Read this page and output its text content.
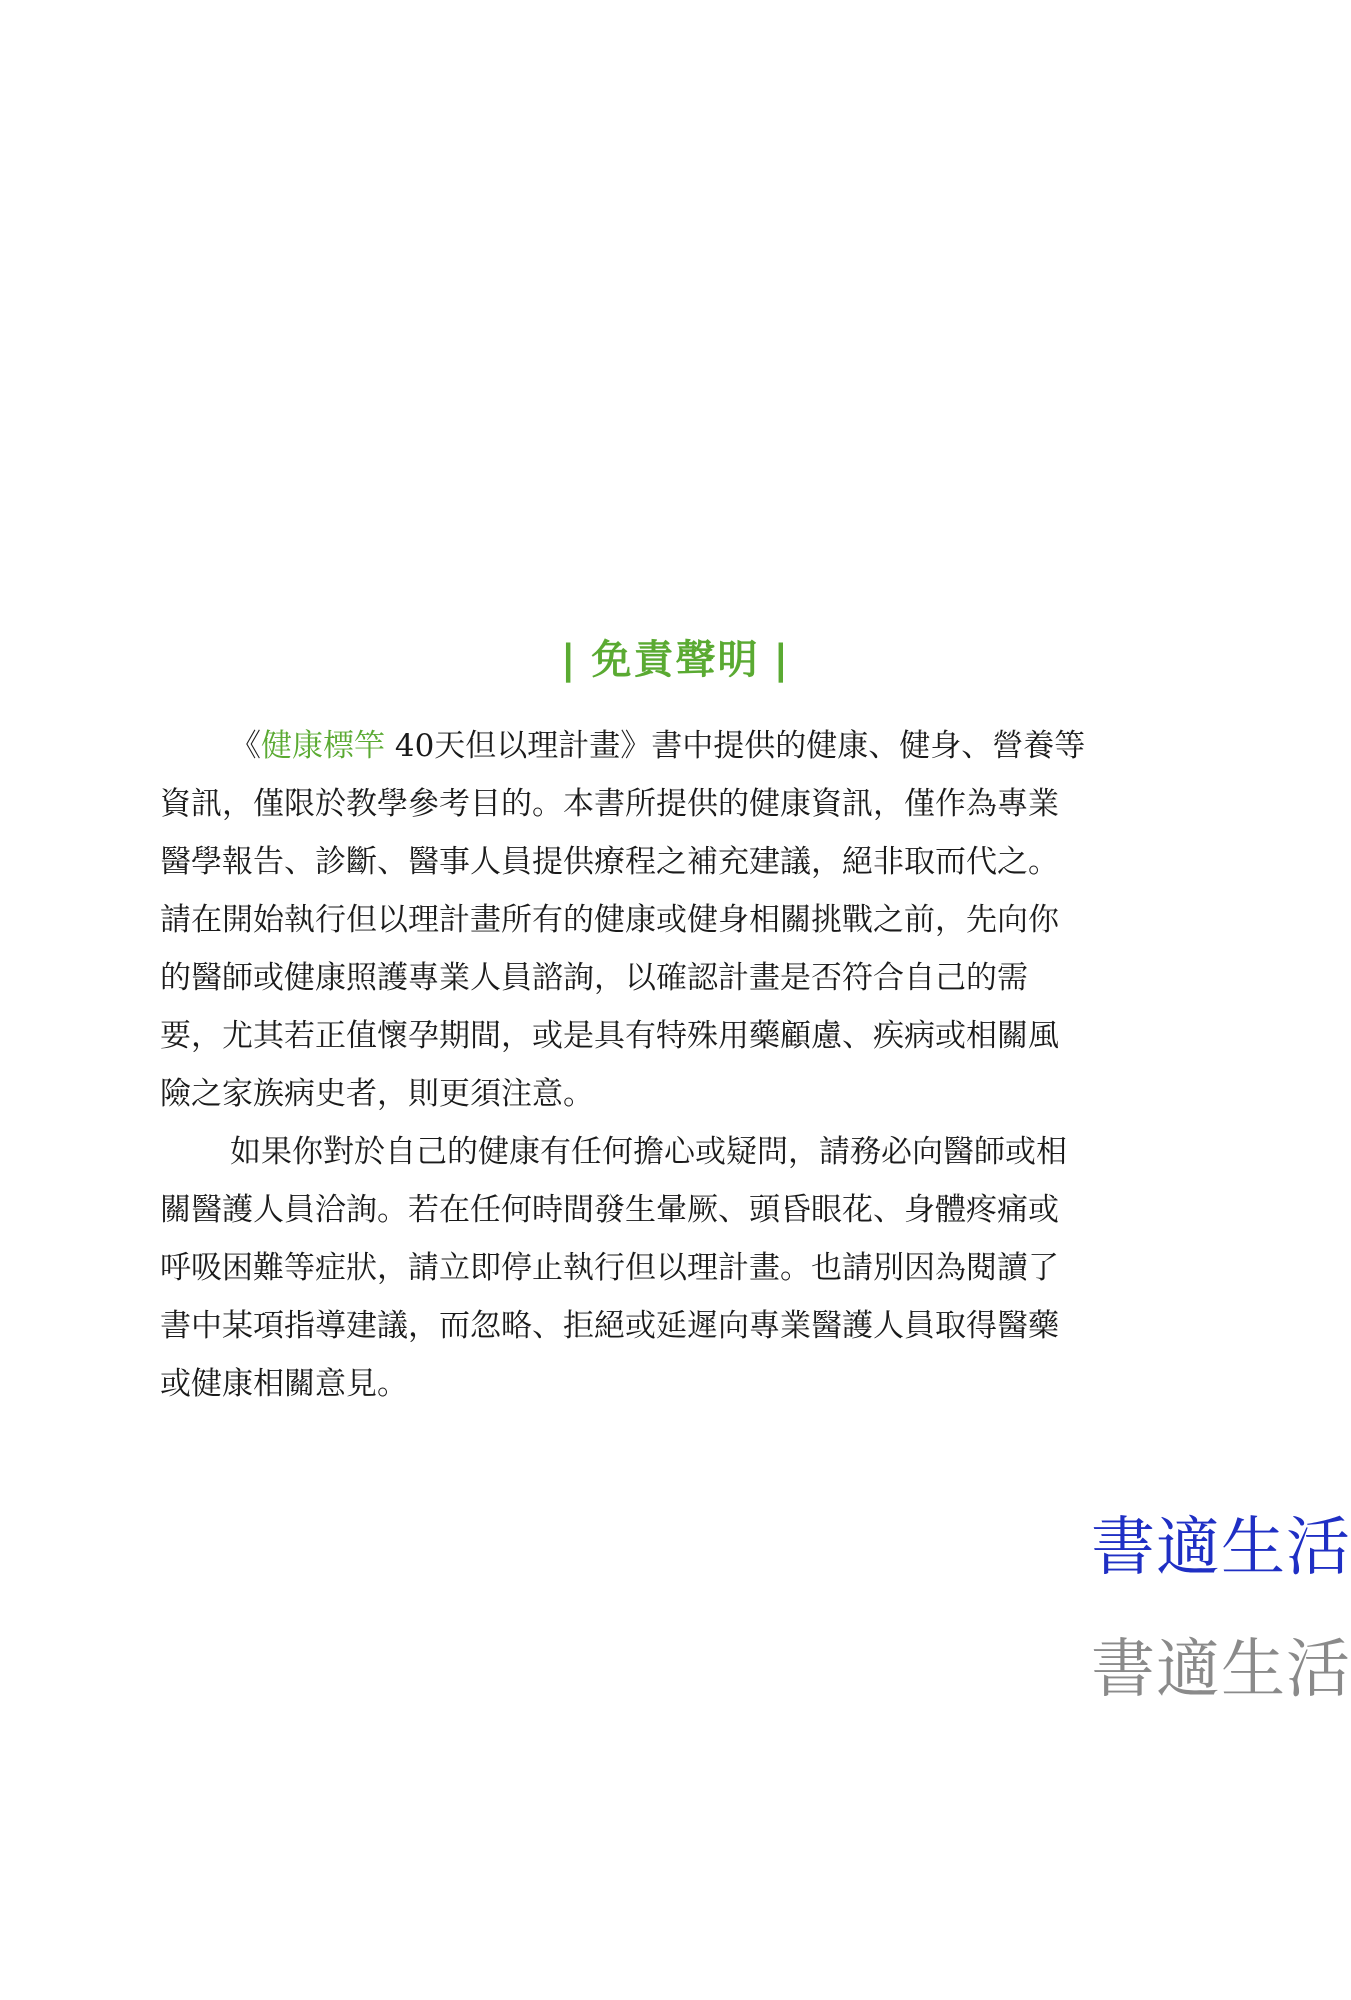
| 免責聲明 |
《健康標竿 40天但以理計畫》書中提供的健康、健身、營養等
資訊，僅限於教學參考目的。本書所提供的健康資訊，僅作為專業
醫學報告、診斷、醫事人員提供療程之補充建議，絕非取而代之。
請在開始執行但以理計畫所有的健康或健身相關挑戰之前，先向你
的醫師或健康照護專業人員諮詢，以確認計畫是否符合自己的需
要，尤其若正值懷孕期間，或是具有特殊用藥顧慮、疾病或相關風
險之家族病史者，則更須注意。
如果你對於自己的健康有任何擔心或疑問，請務必向醫師或相
關醫護人員洽詢。若在任何時間發生暈厥、頭昏眼花、身體疼痛或
呼吸困難等症狀，請立即停止執行但以理計畫。也請別因為閱讀了
書中某項指導建議，而忽略、拒絕或延遲向專業醫護人員取得醫藥
或健康相關意見。
書適生活
書適生活
